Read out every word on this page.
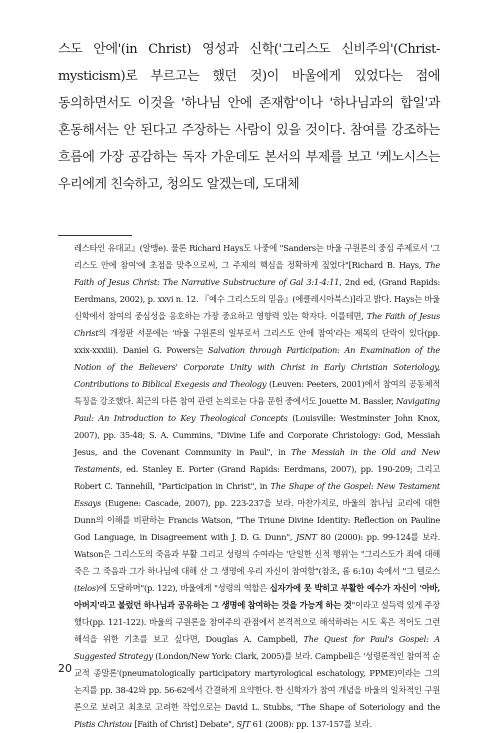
스도 안에'(in Christ) 영성과 신학('그리스도 신비주의'(Christ-mysticism)로 부르고는 했던 것)이 바울에게 있었다는 점에 동의하면서도 이것을 '하나님 안에 존재함'이나 '하나님과의 합일'과 혼동해서는 안 된다고 주장하는 사람이 있을 것이다. 참여를 강조하는 흐름에 가장 공감하는 독자 가운데도 본서의 부제를 보고 '케노시스는 우리에게 친숙하고, 청의도 알겠는데, 도대체

레스타인 유대교』(알맹e). 물론 Richard Hays도 나중에 "Sanders는 바울 구원론의 중심 주제로서 '그리스도 안에 참여'에 초점을 맞추으로써, 그 주제의 핵심을 정확하게 짚었다"[Richard B. Hays, The Faith of Jesus Christ: The Narrative Substructure of Gal 3:1-4:11, 2nd ed, (Grand Rapids: Eerdmans, 2002), p. xxvi n. 12. 『예수 그리스도의 믿음』(에클레시아북스)]라고 밝다. Hays는 바울 신학에서 참여의 중심성을 옹호하는 가장 중요하고 영향력 있는 학자다. 이를테면, The Faith of Jesus Christ의 개정판 서문에는 '바울 구원론의 일부로서 그리스도 안에 참여'라는 제목의 단락이 있다(pp. xxix-xxxiii). Daniel G. Powers는 Salvation through Participation: An Examination of the Notion of the Believers' Corporate Unity with Christ in Early Christian Soteriology, Contributions to Biblical Exegesis and Theology (Leuven: Peeters, 2001)에서 참여의 공동체적 특징을 강조했다. 최근의 다른 참여 관련 논의로는 다음 문헌 중에서도 Jouette M. Bassler, Navigating Paul: An Introduction to Key Theological Concepts (Louisville: Westminster John Knox, 2007), pp. 35-48; S. A. Cummins, "Divine Life and Corporate Christology: God, Messiah Jesus, and the Covenant Community in Paul", in The Messiah in the Old and New Testaments, ed. Stanley E. Porter (Grand Rapids: Eerdmans, 2007), pp. 190-209; 그리고 Robert C. Tannehill, "Participation in Christ", in The Shape of the Gospel: New Testament Essays (Eugene: Cascade, 2007), pp. 223-237을 보라. 마찬가지로, 바울의 참나님 교리에 대한 Dunn의 이해를 비판하는 Francis Watson, "The Triune Divine Identity: Reflection on Pauline God Language, in Disagreement with J. D. G. Dunn", JSNT 80 (2000): pp. 99-124를 보라. Watson은 그리스도의 죽음과 부활 그리고 성령의 수여라는 '단일한 신적 행위'는 "그리스도가 죄에 대해 죽은 그 죽음과 그가 하나님에 대해 산 그 생명에 우리 자신이 참여함"(참조, 롬 6:10) 속에서 "그 텔로스(telos)에 도달하며"(p. 122), 바울에게 "성령의 역할은 십자가에 못 박히고 부활한 예수가 자신이 '아바, 아버지'라고 불렀던 하나님과 공유하는 그 생명에 참여하는 것을 가능게 하는 것"이라고 설득력 있게 주장했다(pp. 121-122). 바울의 구원론을 참여주의 관점에서 본격적으로 해석하려는 시도 혹은 적어도 그런 해석을 위한 기초를 보고 싶다면, Douglas A. Campbell, The Quest for Paul's Gospel: A Suggested Strategy (London/New York: Clark, 2005)를 보라. Campbell은 '성령론적인 참여적 순교적 종말론'(pneumatologically participatory martyrological eschatology, PPME)이라는 그의 논지를 pp. 38-42와 pp. 56-62에서 간결하게 요약한다. 한 신학자가 참여 개념을 바울의 일차적인 구원론으로 보려고 최초로 고려한 작업으로는 David L. Stubbs, "The Shape of Soteriology and the Pistis Christou [Faith of Christ] Debate", SJT 61 (2008): pp. 137-157를 보라.

20
